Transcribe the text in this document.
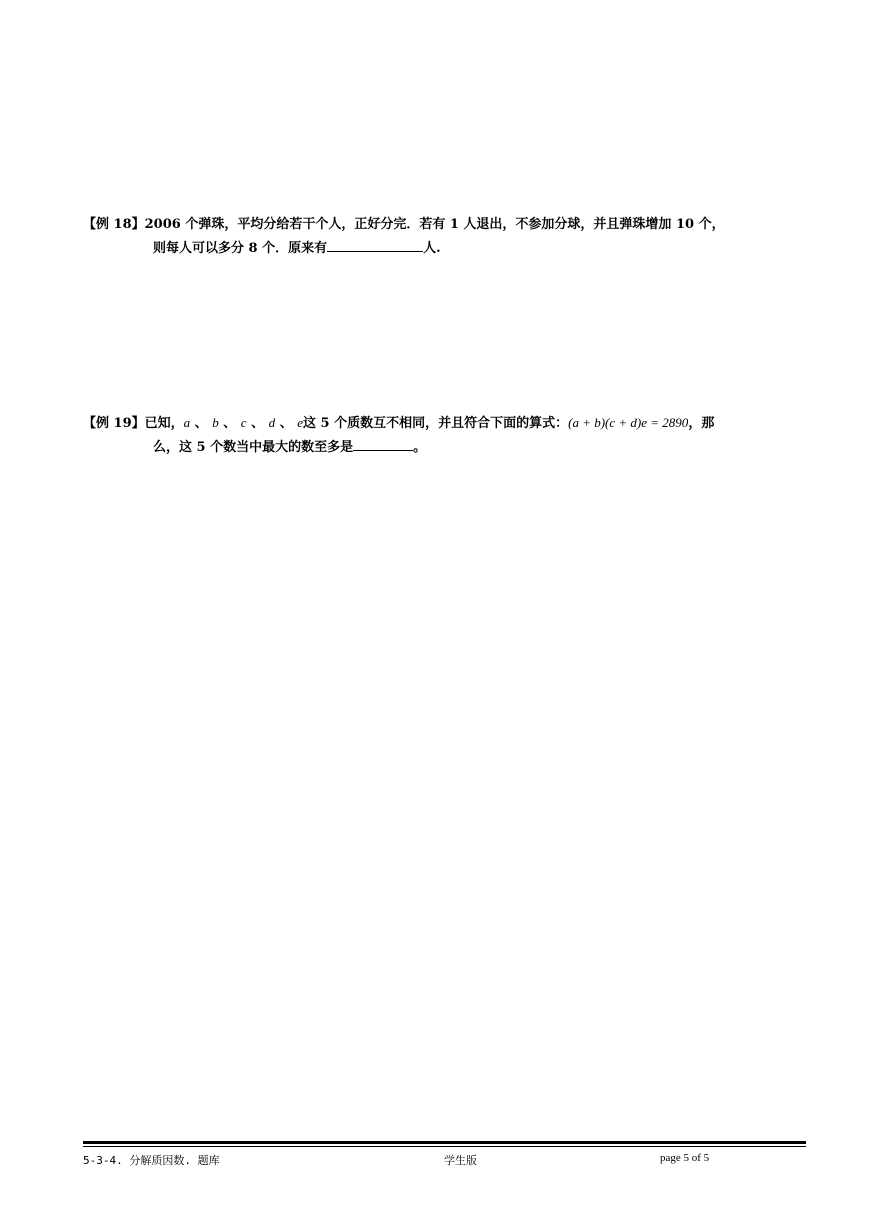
【例 18】2006 个弹珠，平均分给若干个人，正好分完．若有 1 人退出，不参加分球，并且弹珠增加 10 个，
则每人可以多分 8 个．原来有	人.
【例 19】已知，a 、 b 、 c 、 d 、 e这 5 个质数互不相同，并且符合下面的算式：(a + b)(c + d)e = 2890，那
么，这 5 个数当中最大的数至多是	。
5-3-4. 分解质因数. 题库	学生版	page 5 of 5
